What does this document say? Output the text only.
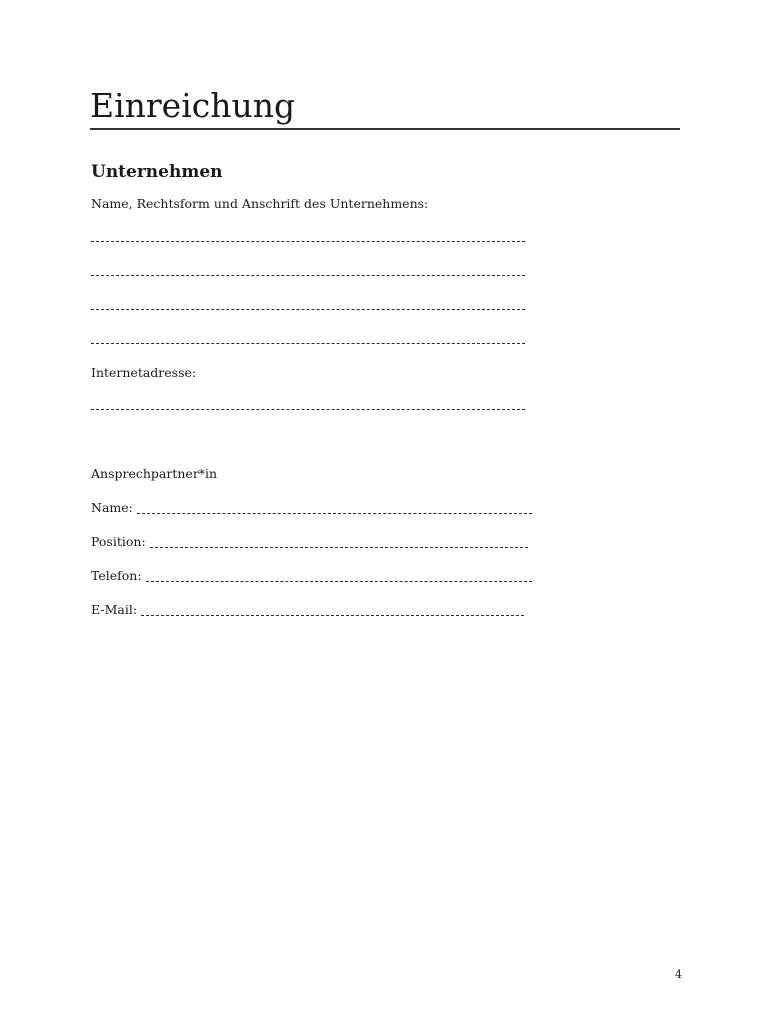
Einreichung
Unternehmen

Name, Rechtsform und Anschrift des Unternehmens:

Internetadresse:

Ansprechpartner*in

Name:
Position:
Telefon:
E-Mail:
4
